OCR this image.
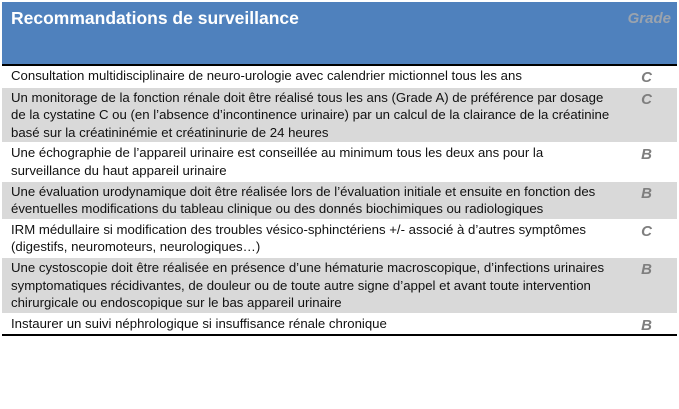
Recommandations de surveillance	Grade
Consultation multidisciplinaire de neuro-urologie avec calendrier mictionnel tous les ans	C
Un monitorage de la fonction rénale doit être réalisé tous les ans (Grade A) de préférence par dosage de la cystatine C ou (en l’absence d’incontinence urinaire) par un calcul de la clairance de la créatinine basé sur la créatininémie et créatininurie de 24 heures	C
Une échographie de l’appareil urinaire est conseillée au minimum tous les deux ans pour la surveillance du haut appareil urinaire	B
Une évaluation urodynamique doit être réalisée lors de l’évaluation initiale et ensuite en fonction des éventuelles modifications du tableau clinique ou des donnés biochimiques ou radiologiques	B
IRM médullaire si modification des troubles vésico-sphinctériens +/- associé à d’autres symptômes (digestifs, neuromoteurs, neurologiques…)	C
Une cystoscopie doit être réalisée en présence d’une hématurie macroscopique, d’infections urinaires symptomatiques récidivantes, de douleur ou de toute autre signe d’appel et avant toute intervention chirurgicale ou endoscopique sur le bas appareil urinaire	B
Instaurer un suivi néphrologique si insuffisance rénale chronique	B
